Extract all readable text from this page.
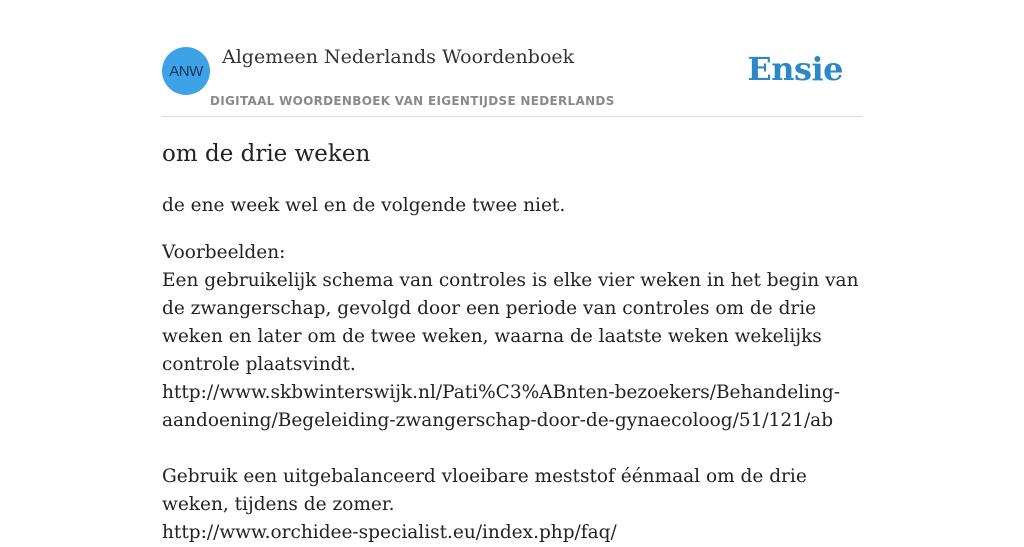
ANW
Algemeen Nederlands Woordenboek
DIGITAAL WOORDENBOEK VAN EIGENTIJDSE NEDERLANDS
Ensie
om de drie weken

de ene week wel en de volgende twee niet.

Voorbeelden:
Een gebruikelijk schema van controles is elke vier weken in het begin van de zwangerschap, gevolgd door een periode van controles om de drie weken en later om de twee weken, waarna de laatste weken wekelijks controle plaatsvindt.
http://www.skbwinterswijk.nl/Pati%C3%ABnten-bezoekers/Behandeling-aandoening/Begeleiding-zwangerschap-door-de-gynaecoloog/51/121/ab
Gebruik een uitgebalanceerd vloeibare meststof éénmaal om de drie weken, tijdens de zomer.
http://www.orchidee-specialist.eu/index.php/faq/
